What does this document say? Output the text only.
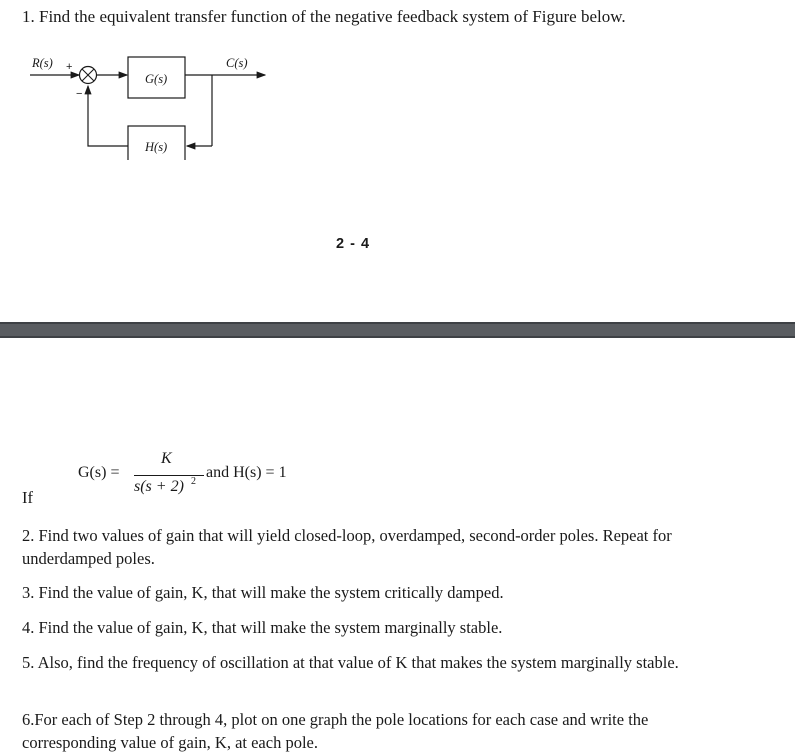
1. Find the equivalent transfer function of the negative feedback system of Figure below.
+
−
G(s)
C(s)
R(s)
H(s)
2 - 4
G(s) =
K
s(s + 2) 2
and H(s) = 1
If
2. Find two values of gain that will yield closed-loop, overdamped, second-order poles. Repeat for underdamped poles.
3. Find the value of gain, K, that will make the system critically damped.
4. Find the value of gain, K, that will make the system marginally stable.
5. Also, find the frequency of oscillation at that value of K that makes the system marginally stable.
6.For each of Step 2 through 4, plot on one graph the pole locations for each case and write the corresponding value of gain, K, at each pole.
